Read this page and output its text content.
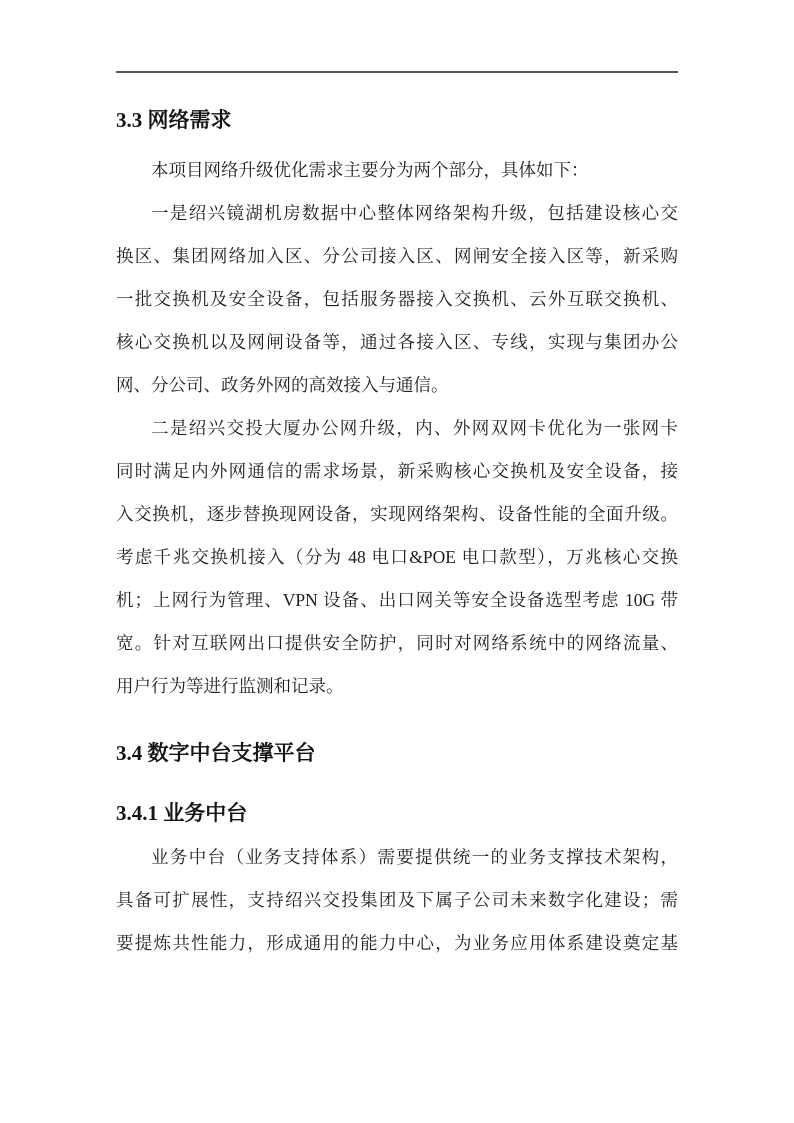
3.3 网络需求
本项目网络升级优化需求主要分为两个部分，具体如下：
一是绍兴镜湖机房数据中心整体网络架构升级，包括建设核心交
换区、集团网络加入区、分公司接入区、网闸安全接入区等，新采购
一批交换机及安全设备，包括服务器接入交换机、云外互联交换机、
核心交换机以及网闸设备等，通过各接入区、专线，实现与集团办公
网、分公司、政务外网的高效接入与通信。
二是绍兴交投大厦办公网升级，内、外网双网卡优化为一张网卡
同时满足内外网通信的需求场景，新采购核心交换机及安全设备，接
入交换机，逐步替换现网设备，实现网络架构、设备性能的全面升级。
考虑千兆交换机接入（分为 48 电口&POE 电口款型），万兆核心交换
机；上网行为管理、VPN 设备、出口网关等安全设备选型考虑 10G 带
宽。针对互联网出口提供安全防护，同时对网络系统中的网络流量、
用户行为等进行监测和记录。
3.4 数字中台支撑平台
3.4.1 业务中台
业务中台（业务支持体系）需要提供统一的业务支撑技术架构，
具备可扩展性，支持绍兴交投集团及下属子公司未来数字化建设；需
要提炼共性能力，形成通用的能力中心，为业务应用体系建设奠定基
